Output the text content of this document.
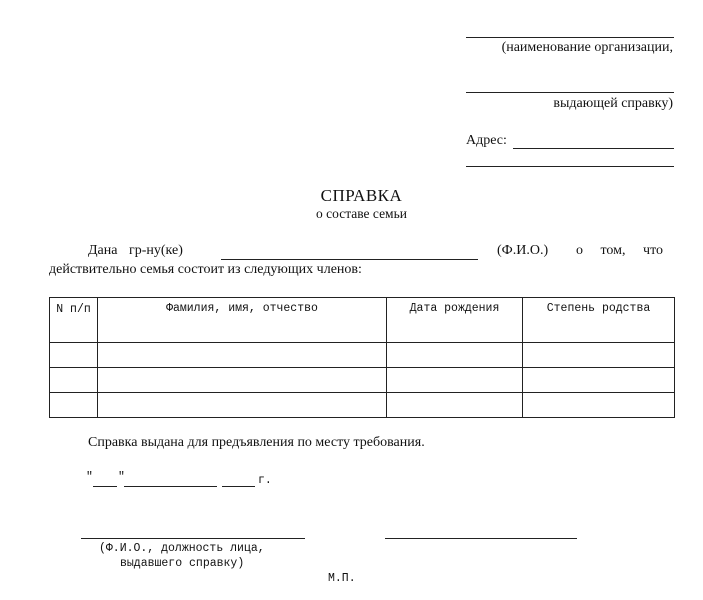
(наименование организации,
выдающей справку)
Адрес:
СПРАВКА
о составе семьи
Дана гр-ну(ке)	(Ф.И.О.) о том, что
действительно семья состоит из следующих членов:
N п/п	Фамилия, имя, отчество	Дата рождения	Степень родства

Справка выдана для предъявления по месту требования.
" "	г.
(Ф.И.О., должность лица,
выдавшего справку)
М.П.
